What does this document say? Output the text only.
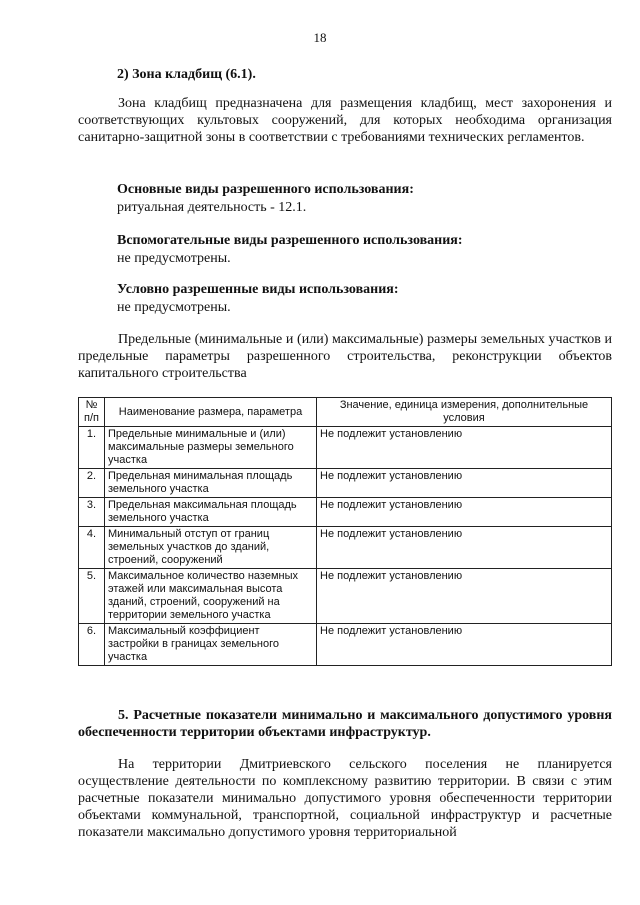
18
2) Зона кладбищ (6.1).
Зона кладбищ предназначена для размещения кладбищ, мест захоронения и соответствующих культовых сооружений, для которых необходима организация санитарно-защитной зоны в соответствии с требованиями технических регламентов.
Основные виды разрешенного использования:
ритуальная деятельность - 12.1.
Вспомогательные виды разрешенного использования:
не предусмотрены.
Условно разрешенные виды использования:
не предусмотрены.
Предельные (минимальные и (или) максимальные) размеры земельных участков и предельные параметры разрешенного строительства, реконструкции объектов капитального строительства
№ п/п	Наименование размера, параметра	Значение, единица измерения, дополнительные условия
1.	Предельные минимальные и (или) максимальные размеры земельного участка	Не подлежит установлению
2.	Предельная минимальная площадь земельного участка	Не подлежит установлению
3.	Предельная максимальная площадь земельного участка	Не подлежит установлению
4.	Минимальный отступ от границ земельных участков до зданий, строений, сооружений	Не подлежит установлению
5.	Максимальное количество наземных этажей или максимальная высота зданий, строений, сооружений на территории земельного участка	Не подлежит установлению
6.	Максимальный коэффициент застройки в границах земельного участка	Не подлежит установлению
5. Расчетные показатели минимально и максимального допустимого уровня обеспеченности территории объектами инфраструктур.
На территории Дмитриевского сельского поселения не планируется осуществление деятельности по комплексному развитию территории. В связи с этим расчетные показатели минимально допустимого уровня обеспеченности территории объектами коммунальной, транспортной, социальной инфраструктур и расчетные показатели максимально допустимого уровня территориальной
